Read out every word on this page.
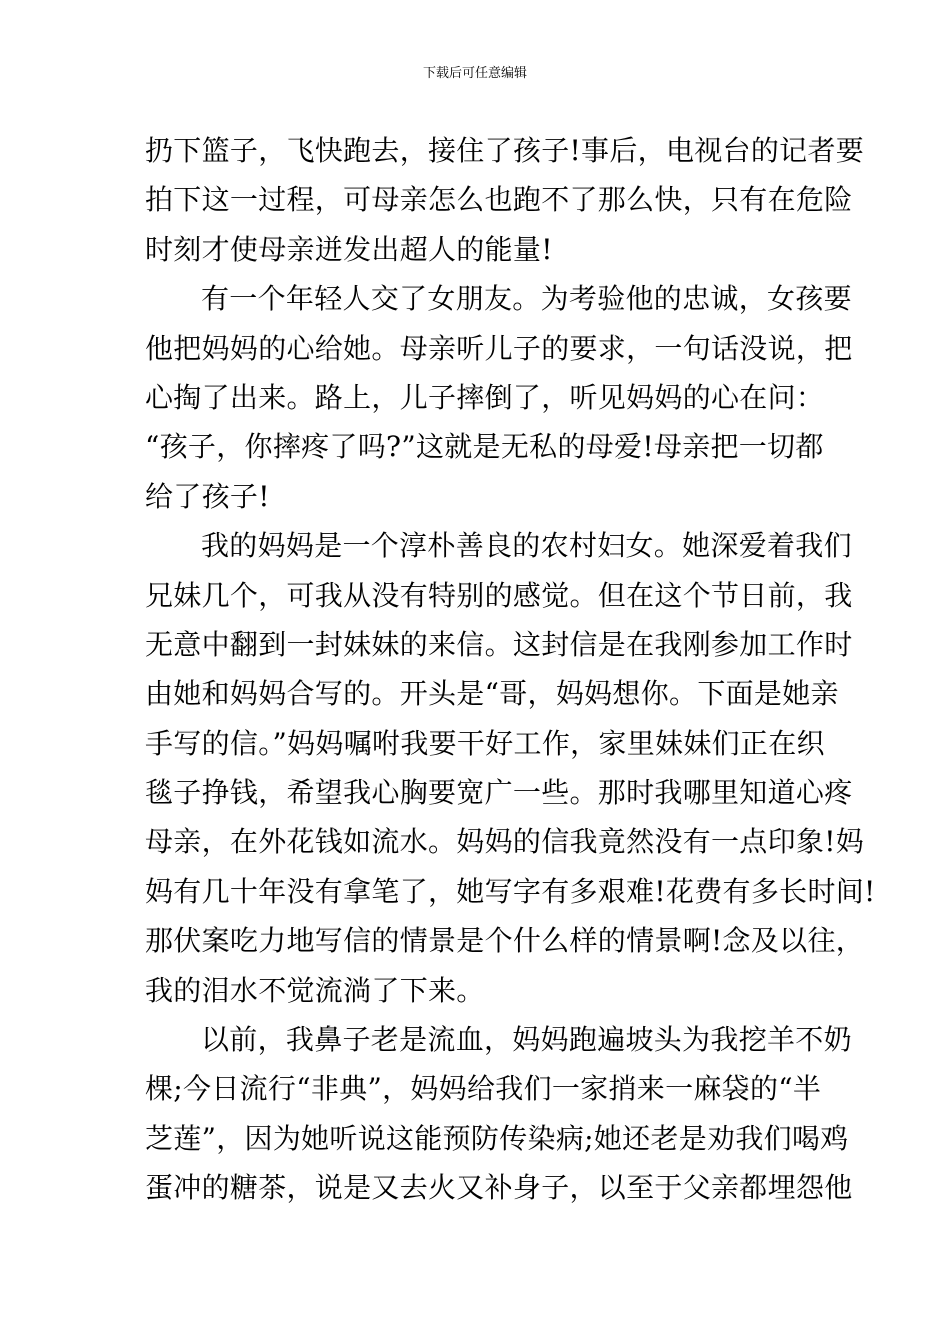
下载后可任意编辑
扔下篮子，飞快跑去，接住了孩子!事后，电视台的记者要
拍下这一过程，可母亲怎么也跑不了那么快，只有在危险
时刻才使母亲迸发出超人的能量!
有一个年轻人交了女朋友。为考验他的忠诚，女孩要
他把妈妈的心给她。母亲听儿子的要求，一句话没说，把
心掏了出来。路上，儿子摔倒了，听见妈妈的心在问：
“孩子，你摔疼了吗?”这就是无私的母爱!母亲把一切都
给了孩子!
我的妈妈是一个淳朴善良的农村妇女。她深爱着我们
兄妹几个，可我从没有特别的感觉。但在这个节日前，我
无意中翻到一封妹妹的来信。这封信是在我刚参加工作时
由她和妈妈合写的。开头是“哥，妈妈想你。下面是她亲
手写的信。”妈妈嘱咐我要干好工作，家里妹妹们正在织
毯子挣钱，希望我心胸要宽广一些。那时我哪里知道心疼
母亲，在外花钱如流水。妈妈的信我竟然没有一点印象!妈
妈有几十年没有拿笔了，她写字有多艰难!花费有多长时间!
那伏案吃力地写信的情景是个什么样的情景啊!念及以往，
我的泪水不觉流淌了下来。
以前，我鼻子老是流血，妈妈跑遍坡头为我挖羊不奶
棵;今日流行“非典”，妈妈给我们一家捎来一麻袋的“半
芝莲”，因为她听说这能预防传染病;她还老是劝我们喝鸡
蛋冲的糖茶，说是又去火又补身子，以至于父亲都埋怨他
